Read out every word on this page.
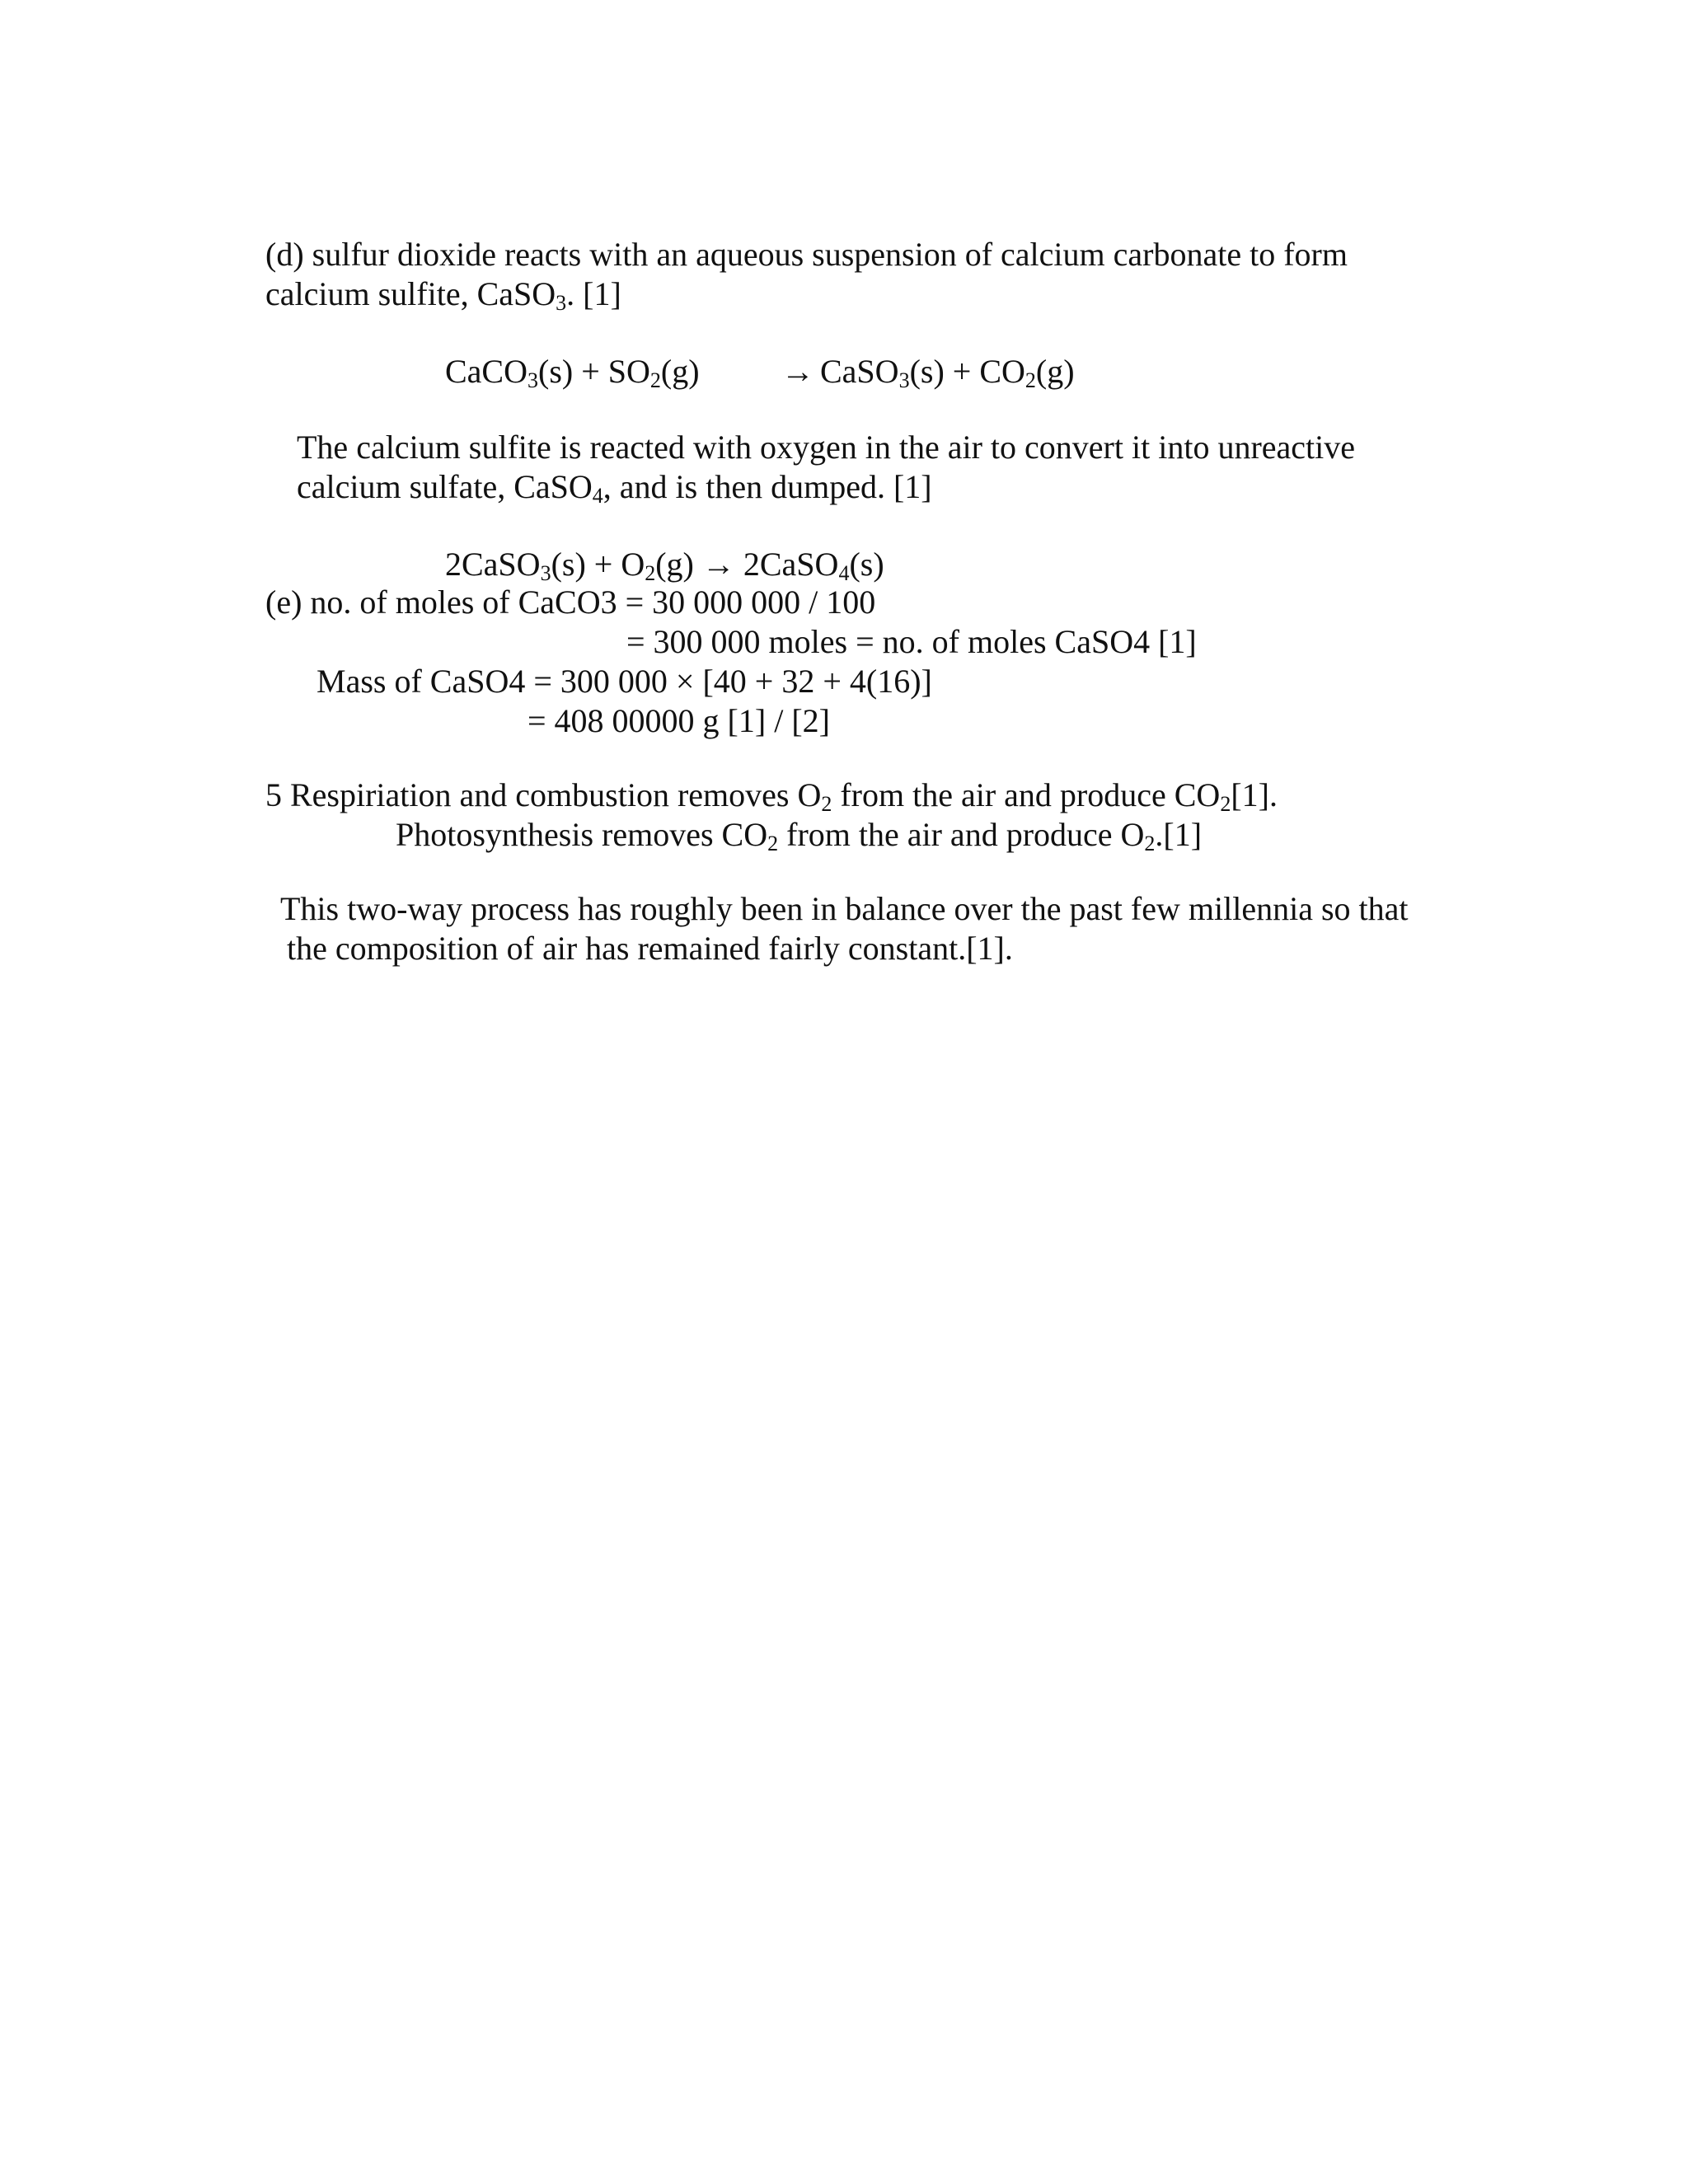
(d) sulfur dioxide reacts with an aqueous suspension of calcium carbonate to form
calcium sulfite, CaSO$_3$. [1]
CaCO$_3$(s) + $SO_2(g)$ → CaSO$_3$(s) + $CO_2(g)$
The calcium sulfite is reacted with oxygen in the air to convert it into unreactive
calcium sulfate, CaSO$_4$, and is then dumped. [1]
2CaSO$_3$(s) + $O_2(g)$ → 2CaSO$_4$(s)
(e) no. of moles of CaCO3 = 30 000 000 / 100
= 300 000 moles = no. of moles CaSO4 [1]
Mass of CaSO4 = 300 000 × [40 + 32 + 4(16)]
= 408 00000 g [1] / [2]
5 Respiriation and combustion removes $O_2$ from the air and produce $CO_2[1]$.
Photosynthesis removes $CO_2$ from the air and produce $O_2.[1]$
This two-way process has roughly been in balance over the past few millennia so that
the composition of air has remained fairly constant.[1].
